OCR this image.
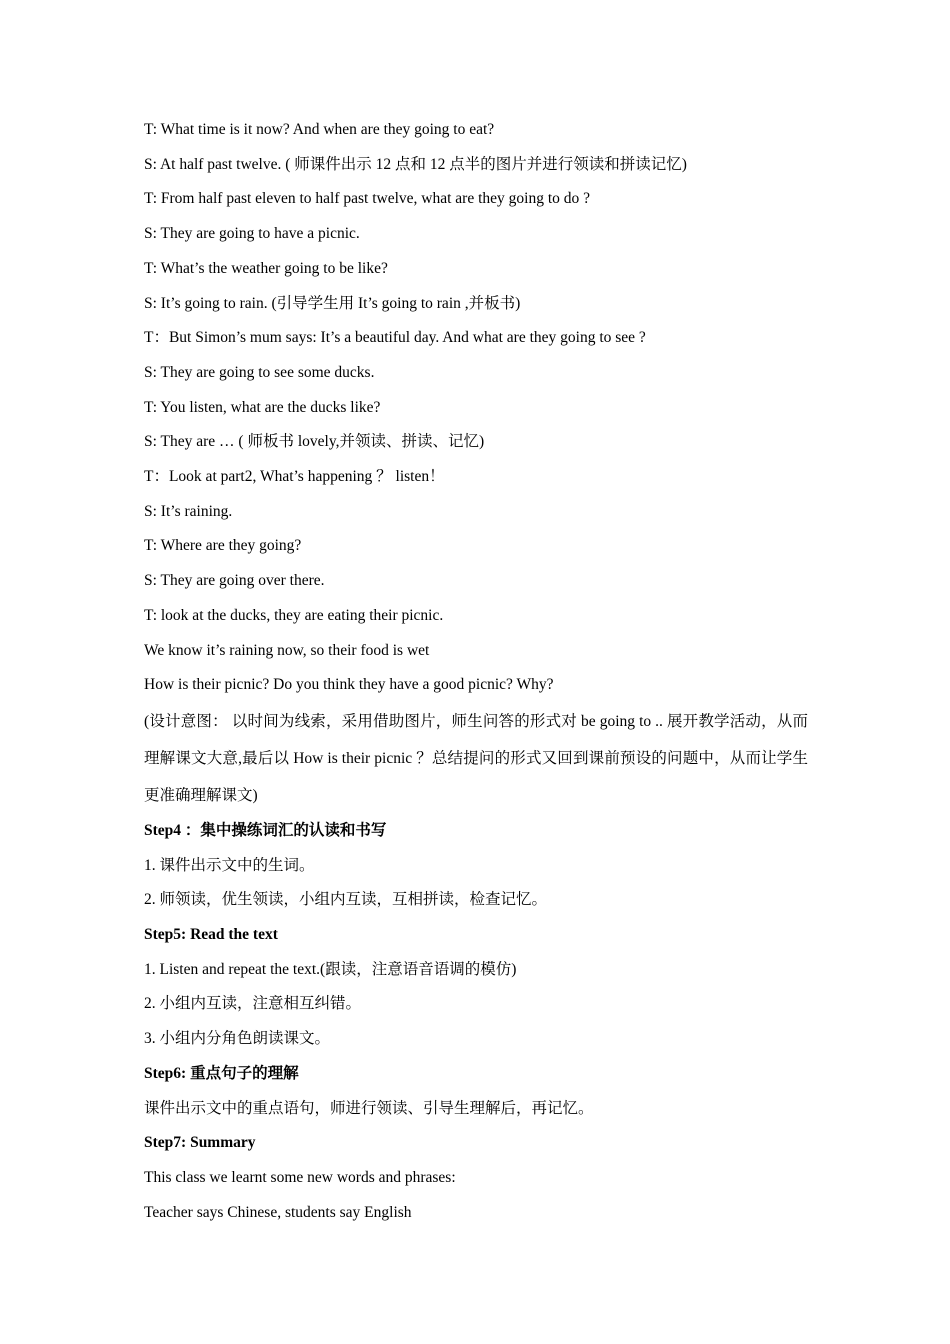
T: What time is it now? And when are they going to eat?
S: At half past twelve. ( 师课件出示 12 点和 12 点半的图片并进行领读和拼读记忆)
T: From half past eleven to half past twelve, what are they going to do ?
S: They are going to have a picnic.
T: What’s the weather going to be like?
S: It’s going to rain. (引导学生用 It’s going to rain ,并板书)
T：But Simon’s mum says: It’s a beautiful day. And what are they going to see ?
S: They are going to see some ducks.
T: You listen, what are the ducks like?
S: They are … ( 师板书 lovely,并领读、拼读、记忆)
T：Look at part2, What’s happening ？ listen！
S: It’s raining.
T: Where are they going?
S: They are going over there.
T: look at the ducks, they are eating their picnic.
We know it’s raining now, so their food is wet
How is their picnic? Do you think they have a good picnic? Why?

(设计意图： 以时间为线索，采用借助图片，师生问答的形式对 be going to .. 展开教学活动，从而理解课文大意,最后以 How is their picnic ？总结提问的形式又回到课前预设的问题中，从而让学生更准确理解课文)

Step4 ：集中操练词汇的认读和书写
1. 课件出示文中的生词。
2. 师领读，优生领读，小组内互读，互相拼读，检查记忆。
Step5: Read the text
1. Listen and repeat the text.(跟读，注意语音语调的模仿)
2. 小组内互读，注意相互纠错。
3. 小组内分角色朗读课文。
Step6: 重点句子的理解
课件出示文中的重点语句，师进行领读、引导生理解后，再记忆。
Step7: Summary
This class we learnt some new words and phrases:
Teacher says Chinese, students say English
